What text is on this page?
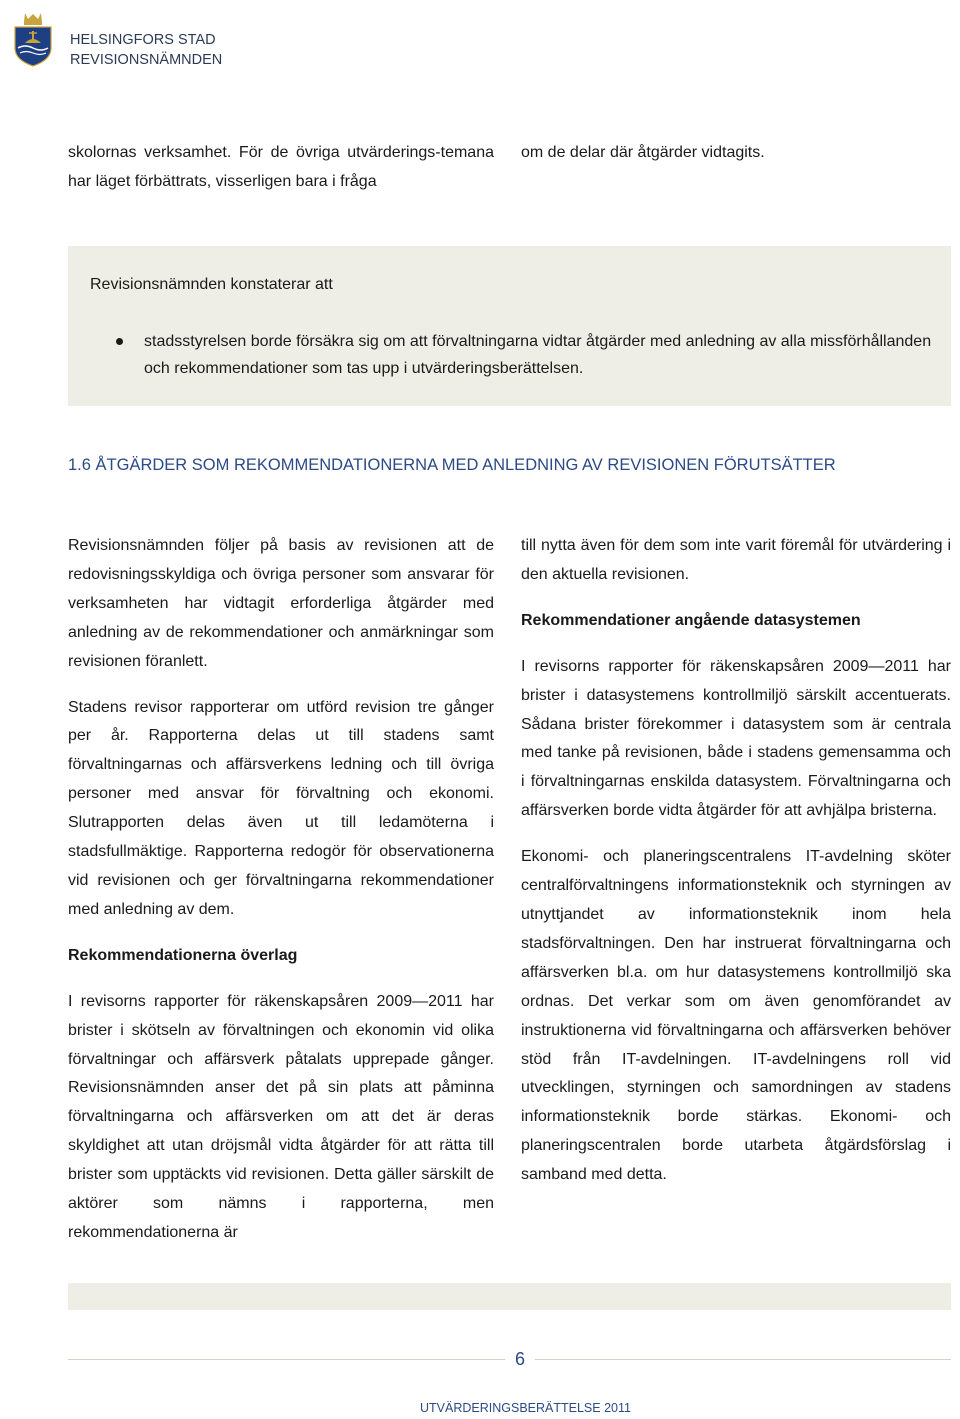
HELSINGFORS STAD
REVISIONSNÄMNDEN

skolornas verksamhet. För de övriga utvärderings-temana har läget förbättrats, visserligen bara i fråga

om de delar där åtgärder vidtagits.

Revisionsnämnden konstaterar att
stadsstyrelsen borde försäkra sig om att förvaltningarna vidtar åtgärder med anledning av alla missförhållanden och rekommendationer som tas upp i utvärderingsberättelsen.
1.6 ÅTGÄRDER SOM REKOMMENDATIONERNA MED ANLEDNING AV REVISIONEN FÖRUTSÄTTER

Revisionsnämnden följer på basis av revisionen att de redovisningsskyldiga och övriga personer som ansvarar för verksamheten har vidtagit erforderliga åtgärder med anledning av de rekommendationer och anmärkningar som revisionen föranlett.

Stadens revisor rapporterar om utförd revision tre gånger per år. Rapporterna delas ut till stadens samt förvaltningarnas och affärsverkens ledning och till övriga personer med ansvar för förvaltning och ekonomi. Slutrapporten delas även ut till ledamöterna i stadsfullmäktige. Rapporterna redogör för observationerna vid revisionen och ger förvaltningarna rekommendationer med anledning av dem.

Rekommendationerna överlag

I revisorns rapporter för räkenskapsåren 2009—2011 har brister i skötseln av förvaltningen och ekonomin vid olika förvaltningar och affärsverk påtalats upprepade gånger. Revisionsnämnden anser det på sin plats att påminna förvaltningarna och affärsverken om att det är deras skyldighet att utan dröjsmål vidta åtgärder för att rätta till brister som upptäckts vid revisionen. Detta gäller särskilt de aktörer som nämns i rapporterna, men rekommendationerna är

till nytta även för dem som inte varit föremål för utvärdering i den aktuella revisionen.

Rekommendationer angående datasystemen

I revisorns rapporter för räkenskapsåren 2009—2011 har brister i datasystemens kontrollmiljö särskilt accentuerats. Sådana brister förekommer i datasystem som är centrala med tanke på revisionen, både i stadens gemensamma och i förvaltningarnas enskilda datasystem. Förvaltningarna och affärsverken borde vidta åtgärder för att avhjälpa bristerna.

Ekonomi- och planeringscentralens IT-avdelning sköter centralförvaltningens informationsteknik och styrningen av utnyttjandet av informationsteknik inom hela stadsförvaltningen. Den har instruerat förvaltningarna och affärsverken bl.a. om hur datasystemens kontrollmiljö ska ordnas. Det verkar som om även genomförandet av instruktionerna vid förvaltningarna och affärsverken behöver stöd från IT-avdelningen. IT-avdelningens roll vid utvecklingen, styrningen och samordningen av stadens informationsteknik borde stärkas. Ekonomi- och planeringscentralen borde utarbeta åtgärdsförslag i samband med detta.

6
UTVÄRDERINGSBERÄTTELSE 2011
